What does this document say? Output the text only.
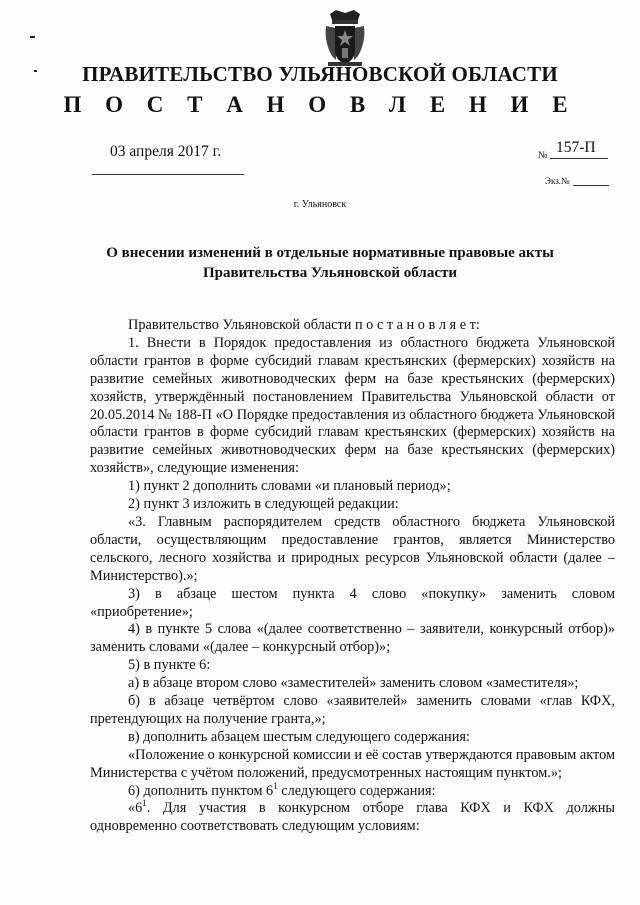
ПРАВИТЕЛЬСТВО УЛЬЯНОВСКОЙ ОБЛАСТИ
П О С Т А Н О В Л Е Н И Е
03 апреля 2017 г.	№ 157-П
Экз.№
г. Ульяновск
О внесении изменений в отдельные нормативные правовые акты
Правительства Ульяновской области

Правительство Ульяновской области п о с т а н о в л я е т:

1. Внести в Порядок предоставления из областного бюджета Ульяновской области грантов в форме субсидий главам крестьянских (фермерских) хозяйств на развитие семейных животноводческих ферм на базе крестьянских (фермерских) хозяйств, утверждённый постановлением Правительства Ульяновской области от 20.05.2014 № 188-П «О Порядке предоставления из областного бюджета Ульяновской области грантов в форме субсидий главам крестьянских (фермерских) хозяйств на развитие семейных животноводческих ферм на базе крестьянских (фермерских) хозяйств», следующие изменения:

1) пункт 2 дополнить словами «и плановый период»;

2) пункт 3 изложить в следующей редакции:

«3. Главным распорядителем средств областного бюджета Ульяновской области, осуществляющим предоставление грантов, является Министерство сельского, лесного хозяйства и природных ресурсов Ульяновской области (далее – Министерство).»;

3) в абзаце шестом пункта 4 слово «покупку» заменить словом «приобретение»;

4) в пункте 5 слова «(далее соответственно – заявители, конкурсный отбор)» заменить словами «(далее – конкурсный отбор)»;

5) в пункте 6:

а) в абзаце втором слово «заместителей» заменить словом «заместителя»;

б) в абзаце четвёртом слово «заявителей» заменить словами «глав КФХ, претендующих на получение гранта,»;

в) дополнить абзацем шестым следующего содержания:

«Положение о конкурсной комиссии и её состав утверждаются правовым актом Министерства с учётом положений, предусмотренных настоящим пунктом.»;

6) дополнить пунктом $6^1$ следующего содержания:

«$6^1$. Для участия в конкурсном отборе глава КФХ и КФХ должны одновременно соответствовать следующим условиям:
